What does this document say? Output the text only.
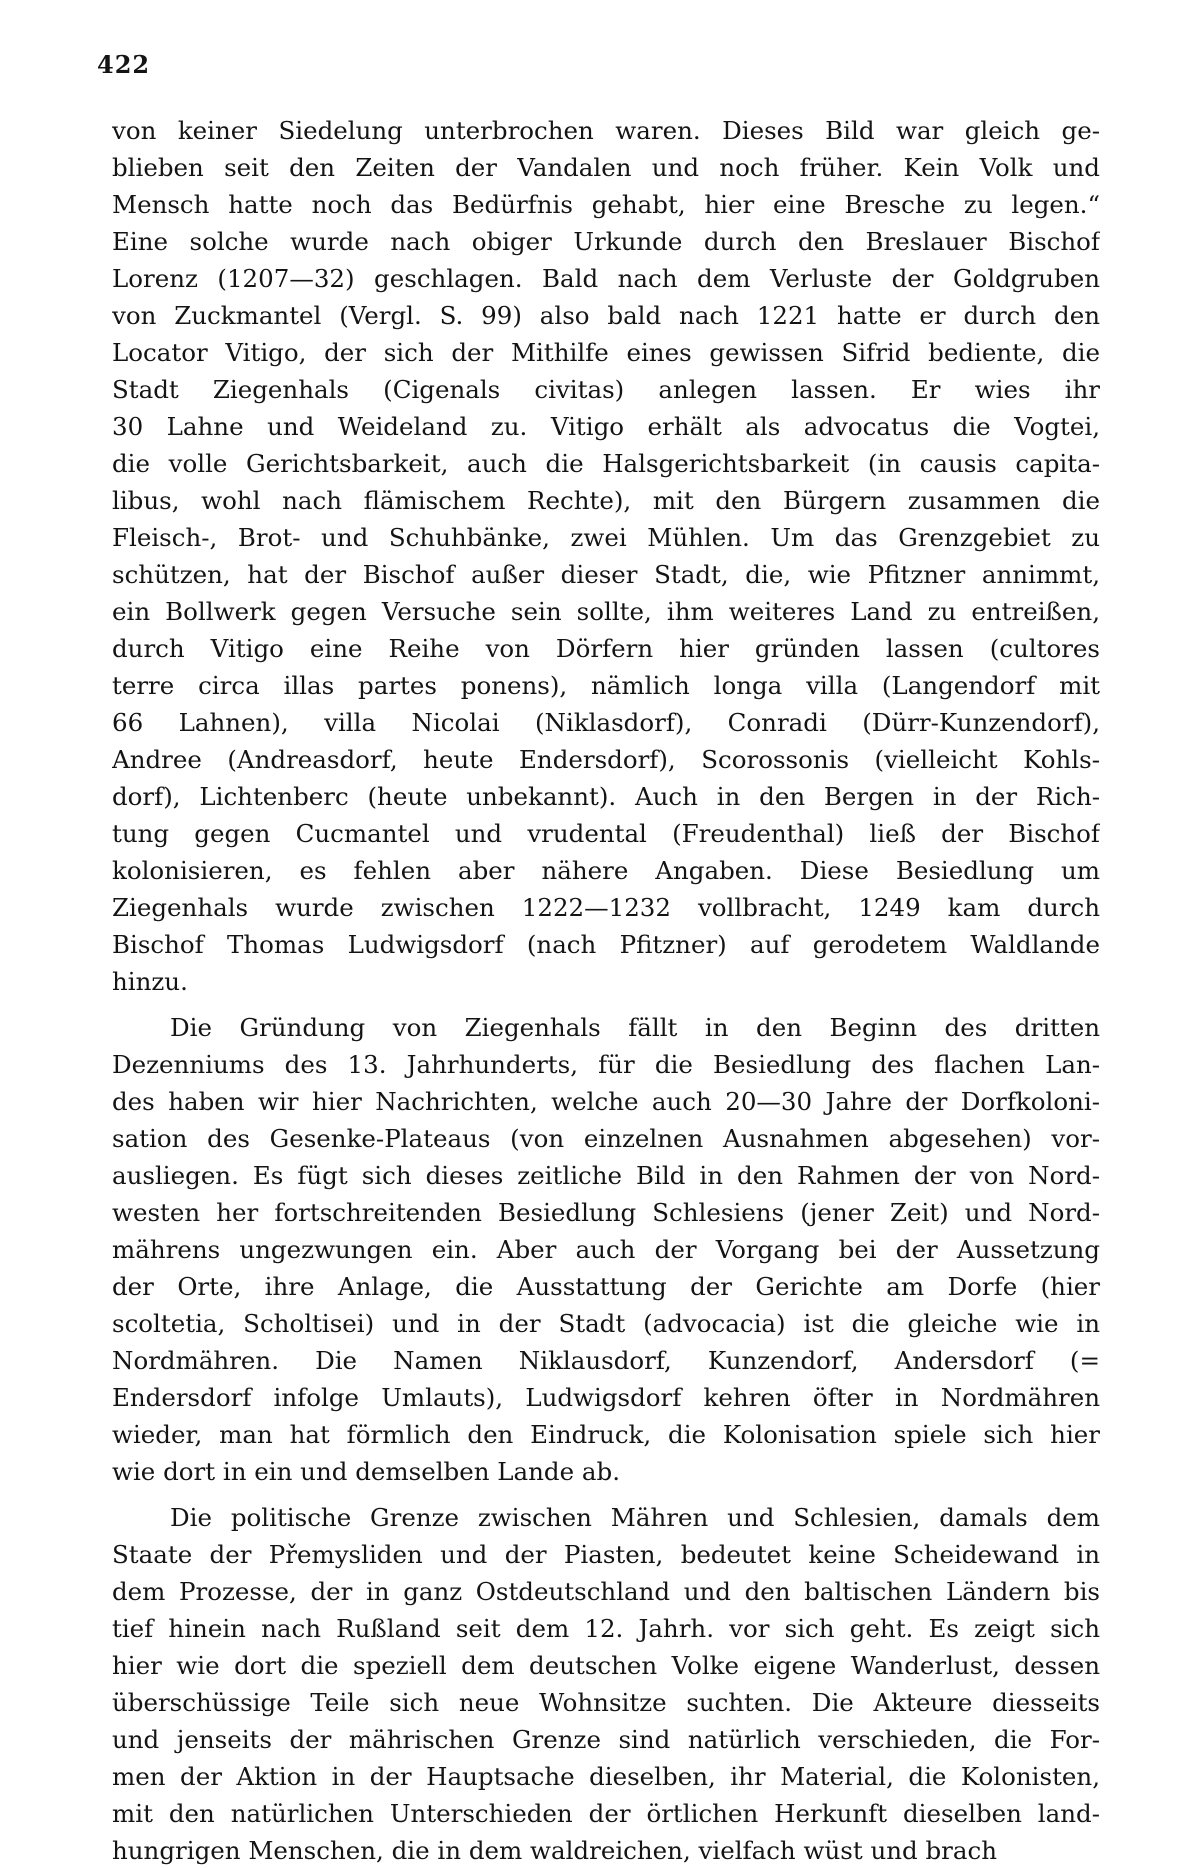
422

von keiner Siedelung unterbrochen waren. Dieses Bild war gleich ge-
blieben seit den Zeiten der Vandalen und noch früher. Kein Volk und
Mensch hatte noch das Bedürfnis gehabt, hier eine Bresche zu legen.“
Eine solche wurde nach obiger Urkunde durch den Breslauer Bischof
Lorenz (1207—32) geschlagen. Bald nach dem Verluste der Goldgruben
von Zuckmantel (Vergl. S. 99) also bald nach 1221 hatte er durch den
Locator Vitigo, der sich der Mithilfe eines gewissen Sifrid bediente, die
Stadt Ziegenhals (Cigenals civitas) anlegen lassen. Er wies ihr
30 Lahne und Weideland zu. Vitigo erhält als advocatus die Vogtei,
die volle Gerichtsbarkeit, auch die Halsgerichtsbarkeit (in causis capita-
libus, wohl nach flämischem Rechte), mit den Bürgern zusammen die
Fleisch-, Brot- und Schuhbänke, zwei Mühlen. Um das Grenzgebiet zu
schützen, hat der Bischof außer dieser Stadt, die, wie Pfitzner annimmt,
ein Bollwerk gegen Versuche sein sollte, ihm weiteres Land zu entreißen,
durch Vitigo eine Reihe von Dörfern hier gründen lassen (cultores
terre circa illas partes ponens), nämlich longa villa (Langendorf mit
66 Lahnen), villa Nicolai (Niklasdorf), Conradi (Dürr-Kunzendorf),
Andree (Andreasdorf, heute Endersdorf), Scorossonis (vielleicht Kohls-
dorf), Lichtenberc (heute unbekannt). Auch in den Bergen in der Rich-
tung gegen Cucmantel und vrudental (Freudenthal) ließ der Bischof
kolonisieren, es fehlen aber nähere Angaben. Diese Besiedlung um
Ziegenhals wurde zwischen 1222—1232 vollbracht, 1249 kam durch
Bischof Thomas Ludwigsdorf (nach Pfitzner) auf gerodetem Waldlande
hinzu.

Die Gründung von Ziegenhals fällt in den Beginn des dritten
Dezenniums des 13. Jahrhunderts, für die Besiedlung des flachen Lan-
des haben wir hier Nachrichten, welche auch 20—30 Jahre der Dorfkoloni-
sation des Gesenke-Plateaus (von einzelnen Ausnahmen abgesehen) vor-
ausliegen. Es fügt sich dieses zeitliche Bild in den Rahmen der von Nord-
westen her fortschreitenden Besiedlung Schlesiens (jener Zeit) und Nord-
mährens ungezwungen ein. Aber auch der Vorgang bei der Aussetzung
der Orte, ihre Anlage, die Ausstattung der Gerichte am Dorfe (hier
scoltetia, Scholtisei) und in der Stadt (advocacia) ist die gleiche wie in
Nordmähren. Die Namen Niklausdorf, Kunzendorf, Andersdorf (=
Endersdorf infolge Umlauts), Ludwigsdorf kehren öfter in Nordmähren
wieder, man hat förmlich den Eindruck, die Kolonisation spiele sich hier
wie dort in ein und demselben Lande ab.

Die politische Grenze zwischen Mähren und Schlesien, damals dem
Staate der Přemysliden und der Piasten, bedeutet keine Scheidewand in
dem Prozesse, der in ganz Ostdeutschland und den baltischen Ländern bis
tief hinein nach Rußland seit dem 12. Jahrh. vor sich geht. Es zeigt sich
hier wie dort die speziell dem deutschen Volke eigene Wanderlust, dessen
überschüssige Teile sich neue Wohnsitze suchten. Die Akteure diesseits
und jenseits der mährischen Grenze sind natürlich verschieden, die For-
men der Aktion in der Hauptsache dieselben, ihr Material, die Kolonisten,
mit den natürlichen Unterschieden der örtlichen Herkunft dieselben land-
hungrigen Menschen, die in dem waldreichen, vielfach wüst und brach
